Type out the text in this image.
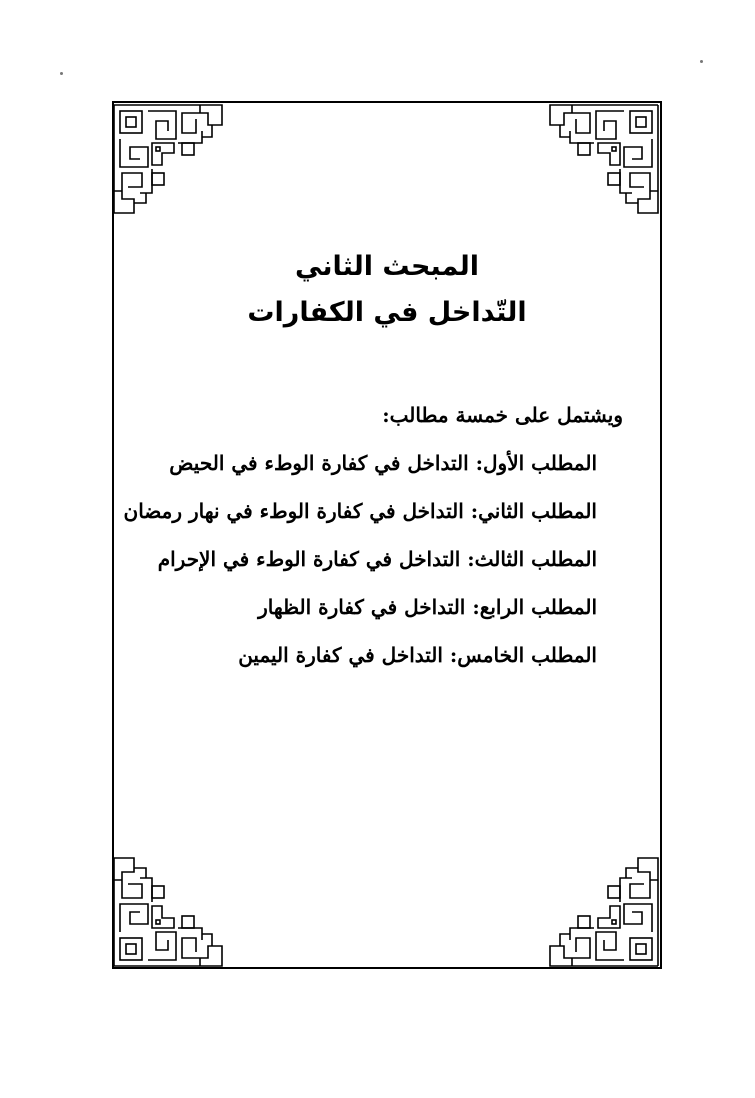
المبحث الثاني
التّداخل في الكفارات
ويشتمل على خمسة مطالب:
المطلب الأول: التداخل في كفارة الوطء في الحيض
المطلب الثاني: التداخل في كفارة الوطء في نهار رمضان
المطلب الثالث: التداخل في كفارة الوطء في الإحرام
المطلب الرابع: التداخل في كفارة الظهار
المطلب الخامس: التداخل في كفارة اليمين
